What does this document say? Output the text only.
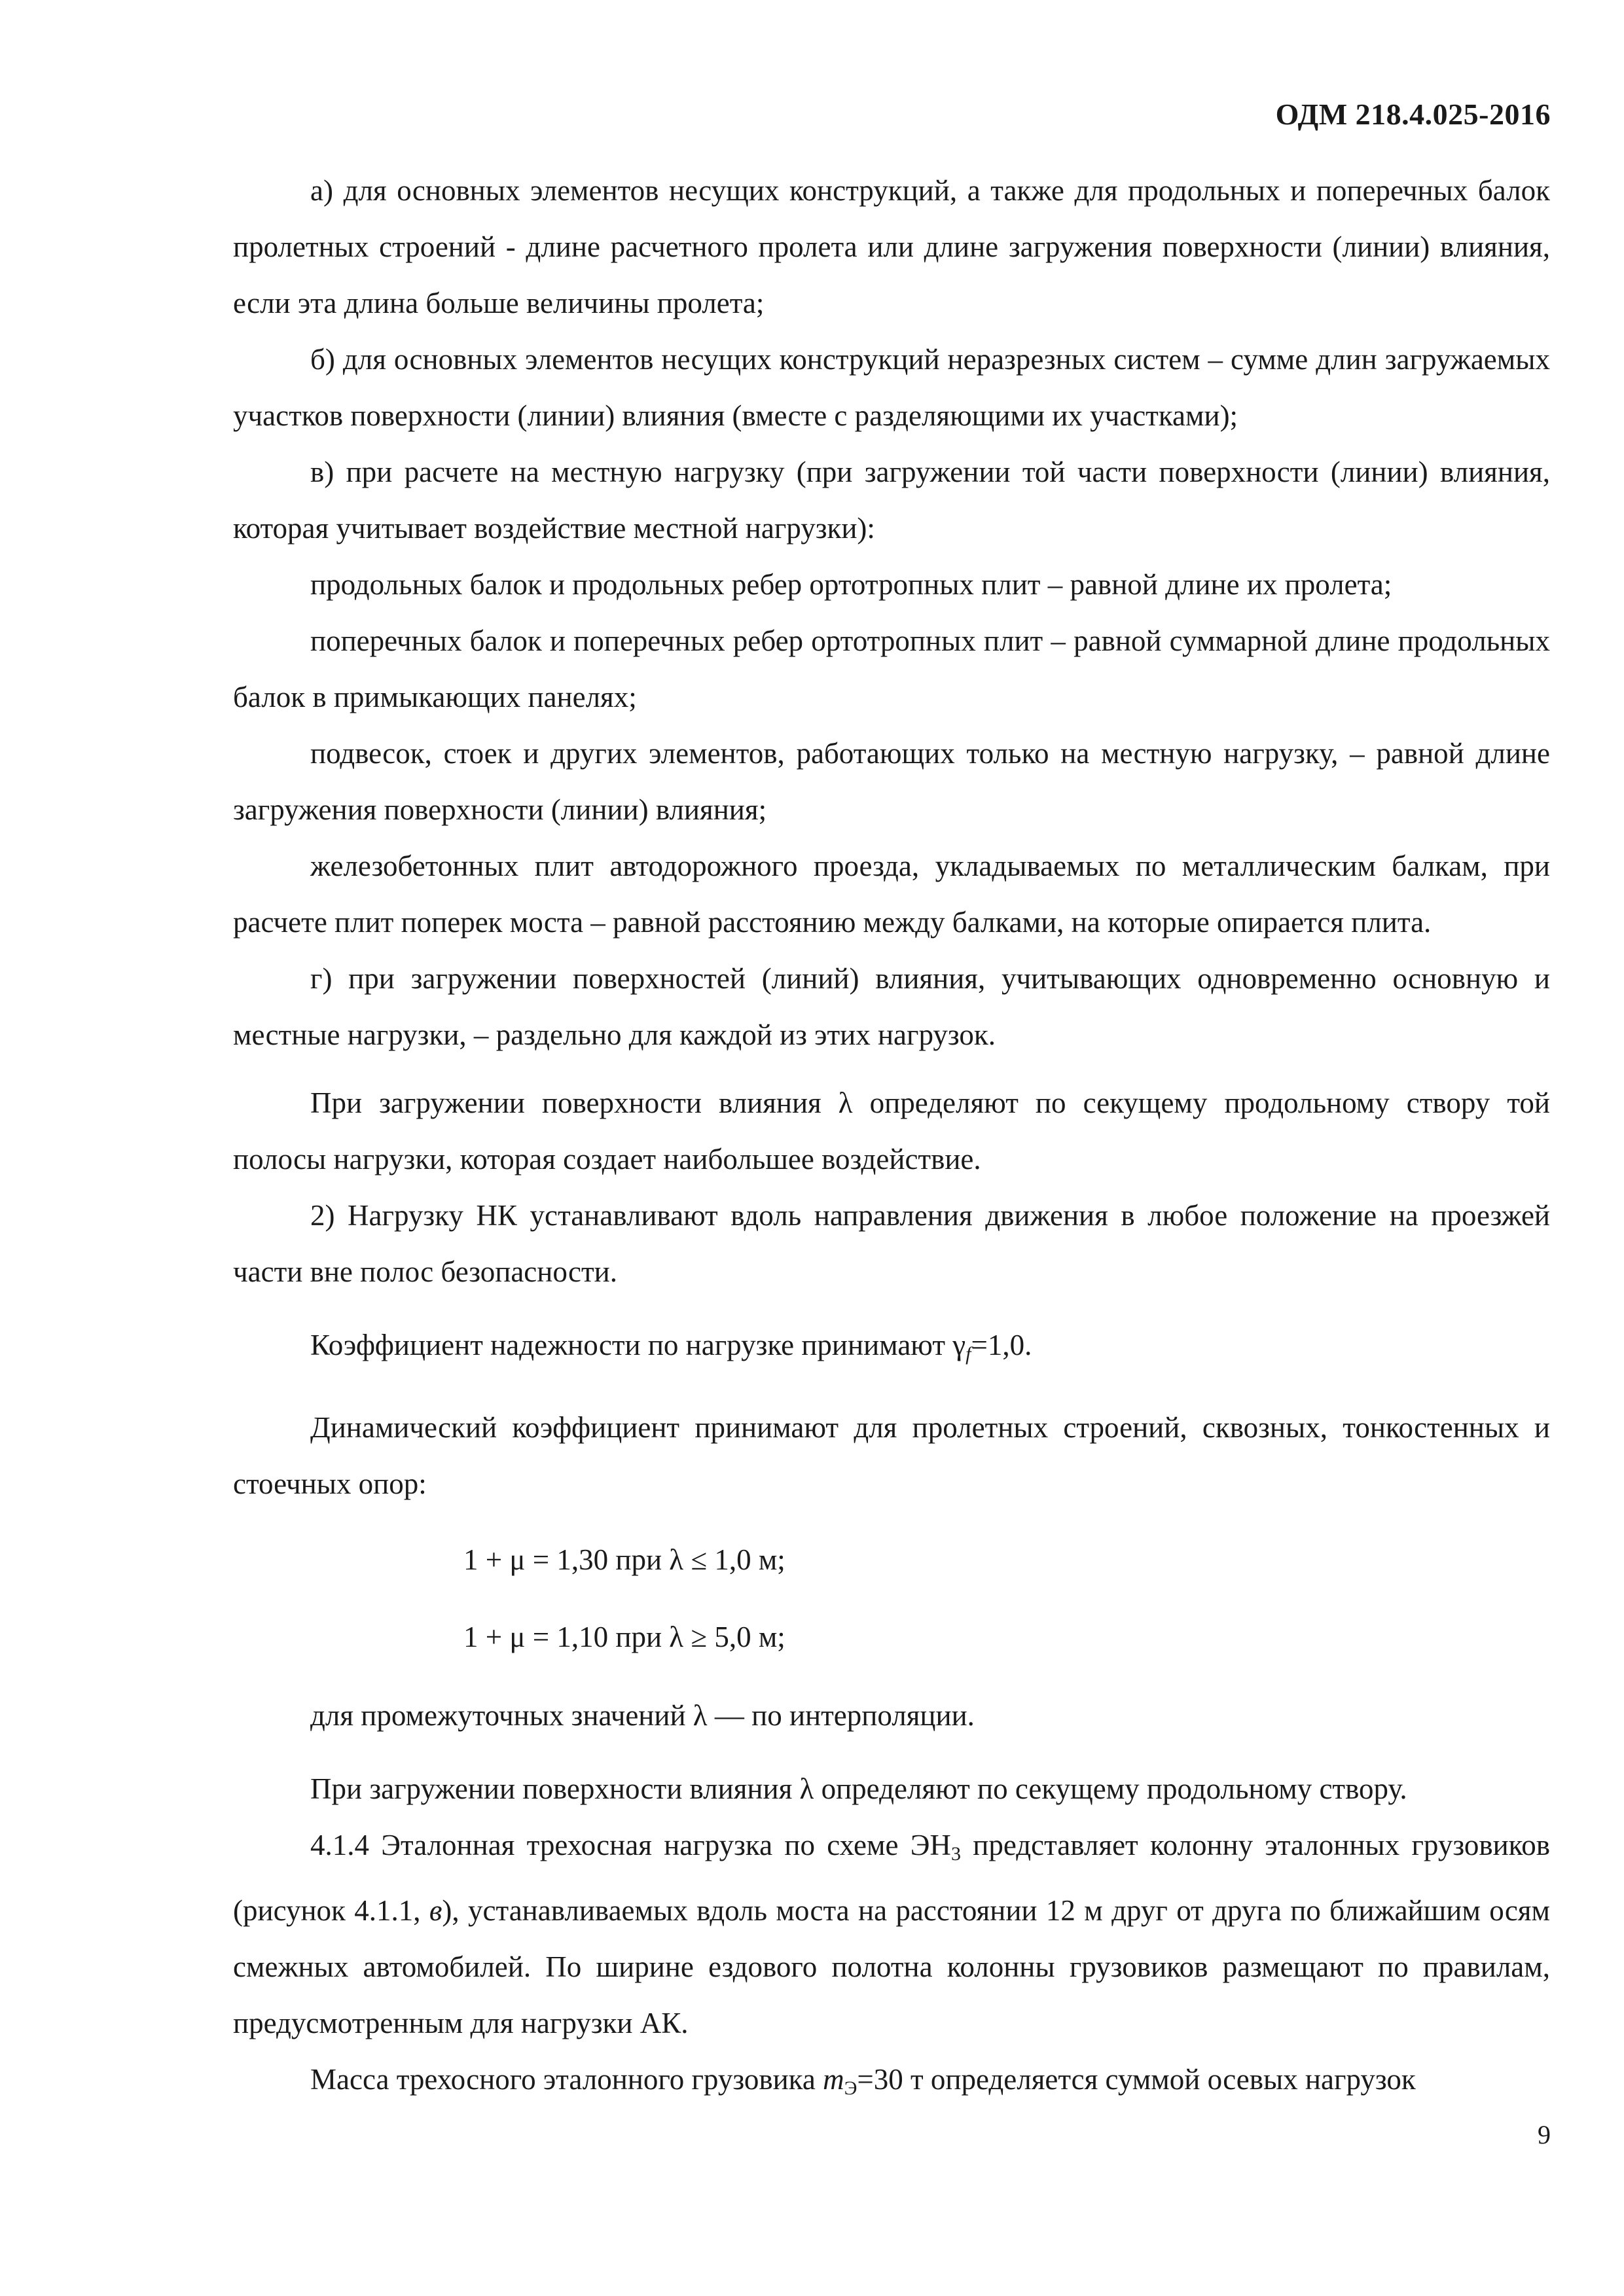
ОДМ 218.4.025-2016

а) для основных элементов несущих конструкций, а также для продольных и поперечных балок пролетных строений - длине расчетного пролета или длине загружения поверхности (линии) влияния, если эта длина больше величины пролета;

б) для основных элементов несущих конструкций неразрезных систем – сумме длин загружаемых участков поверхности (линии) влияния (вместе с разделяющими их участками);

в) при расчете на местную нагрузку (при загружении той части поверхности (линии) влияния, которая учитывает воздействие местной нагрузки):

продольных балок и продольных ребер ортотропных плит – равной длине их пролета;

поперечных балок и поперечных ребер ортотропных плит – равной суммарной длине продольных балок в примыкающих панелях;

подвесок, стоек и других элементов, работающих только на местную нагрузку, – равной длине загружения поверхности (линии) влияния;

железобетонных плит автодорожного проезда, укладываемых по металлическим балкам, при расчете плит поперек моста – равной расстоянию между балками, на которые опирается плита.

г) при загружении поверхностей (линий) влияния, учитывающих одновременно основную и местные нагрузки, – раздельно для каждой из этих нагрузок.

При загружении поверхности влияния λ определяют по секущему продольному створу той полосы нагрузки, которая создает наибольшее воздействие.

2) Нагрузку НК устанавливают вдоль направления движения в любое положение на проезжей части вне полос безопасности.

Коэффициент надежности по нагрузке принимают $\gamma_f=1,0$.

Динамический коэффициент принимают для пролетных строений, сквозных, тонкостенных и стоечных опор:

1 + μ = 1,30 при λ ≤ 1,0 м;

1 + μ = 1,10 при λ ≥ 5,0 м;

для промежуточных значений λ — по интерполяции.

При загружении поверхности влияния λ определяют по секущему продольному створу.

4.1.4 Эталонная трехосная нагрузка по схеме $ЭН_3$ представляет колонну эталонных грузовиков (рисунок 4.1.1, в), устанавливаемых вдоль моста на расстоянии 12 м друг от друга по ближайшим осям смежных автомобилей. По ширине ездового полотна колонны грузовиков размещают по правилам, предусмотренным для нагрузки АК.

Масса трехосного эталонного грузовика $m_Э=30$ т определяется суммой осевых нагрузок

9
